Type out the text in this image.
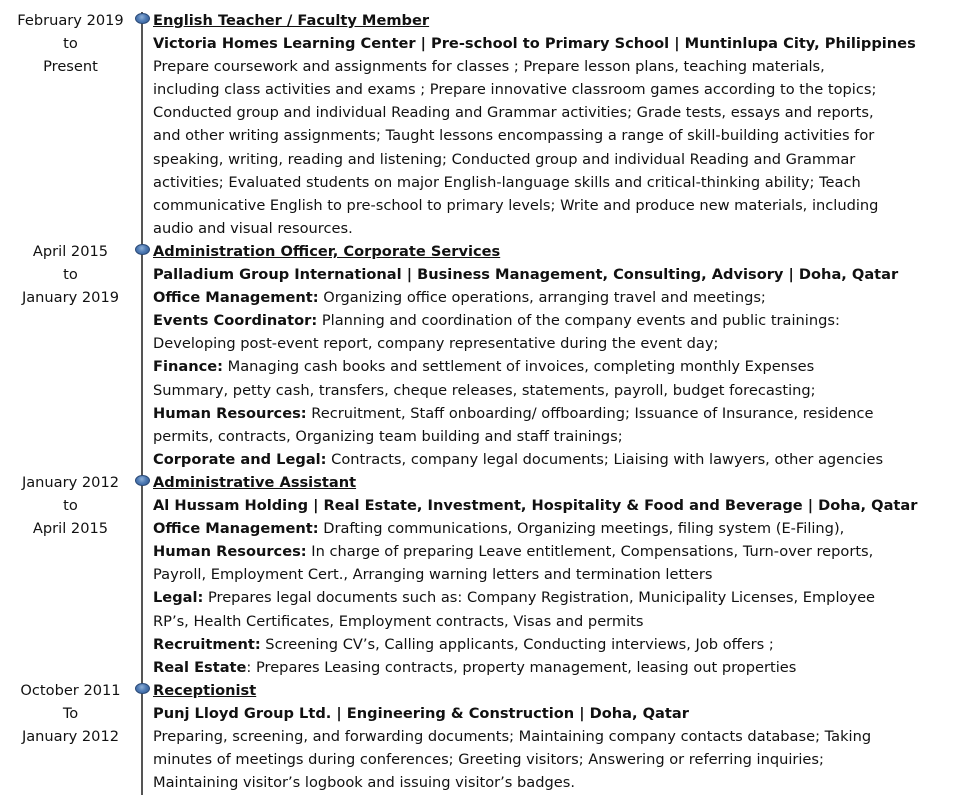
February 2019
to
Present

English Teacher / Faculty Member

Victoria Homes Learning Center | Pre-school to Primary School | Muntinlupa City, Philippines

Prepare coursework and assignments for classes ; Prepare lesson plans, teaching materials,

including class activities and exams ; Prepare innovative classroom games according to the topics;

Conducted group and individual Reading and Grammar activities; Grade tests, essays and reports,

and other writing assignments; Taught lessons encompassing a range of skill-building activities for

speaking, writing, reading and listening; Conducted group and individual Reading and Grammar

activities; Evaluated students on major English-language skills and critical-thinking ability; Teach

communicative English to pre-school to primary levels; Write and produce new materials, including

audio and visual resources.

April 2015
to
January 2019

Administration Officer, Corporate Services

Palladium Group International | Business Management, Consulting, Advisory | Doha, Qatar

Office Management: Organizing office operations, arranging travel and meetings;

Events Coordinator: Planning and coordination of the company events and public trainings:

Developing post-event report, company representative during the event day;

Finance: Managing cash books and settlement of invoices, completing monthly Expenses

Summary, petty cash, transfers, cheque releases, statements, payroll, budget forecasting;

Human Resources: Recruitment, Staff onboarding/ offboarding; Issuance of Insurance, residence

permits, contracts, Organizing team building and staff trainings;

Corporate and Legal: Contracts, company legal documents; Liaising with lawyers, other agencies

January 2012
to
April 2015

Administrative Assistant

Al Hussam Holding | Real Estate, Investment, Hospitality & Food and Beverage | Doha, Qatar

Office Management: Drafting communications, Organizing meetings, filing system (E-Filing),

Human Resources: In charge of preparing Leave entitlement, Compensations, Turn-over reports,

Payroll, Employment Cert., Arranging warning letters and termination letters

Legal: Prepares legal documents such as: Company Registration, Municipality Licenses, Employee

RP’s, Health Certificates, Employment contracts, Visas and permits

Recruitment: Screening CV’s, Calling applicants, Conducting interviews, Job offers ;

Real Estate: Prepares Leasing contracts, property management, leasing out properties

October 2011
To
January 2012

Receptionist

Punj Lloyd Group Ltd. | Engineering & Construction | Doha, Qatar

Preparing, screening, and forwarding documents; Maintaining company contacts database; Taking

minutes of meetings during conferences; Greeting visitors; Answering or referring inquiries;

Maintaining visitor’s logbook and issuing visitor’s badges.
